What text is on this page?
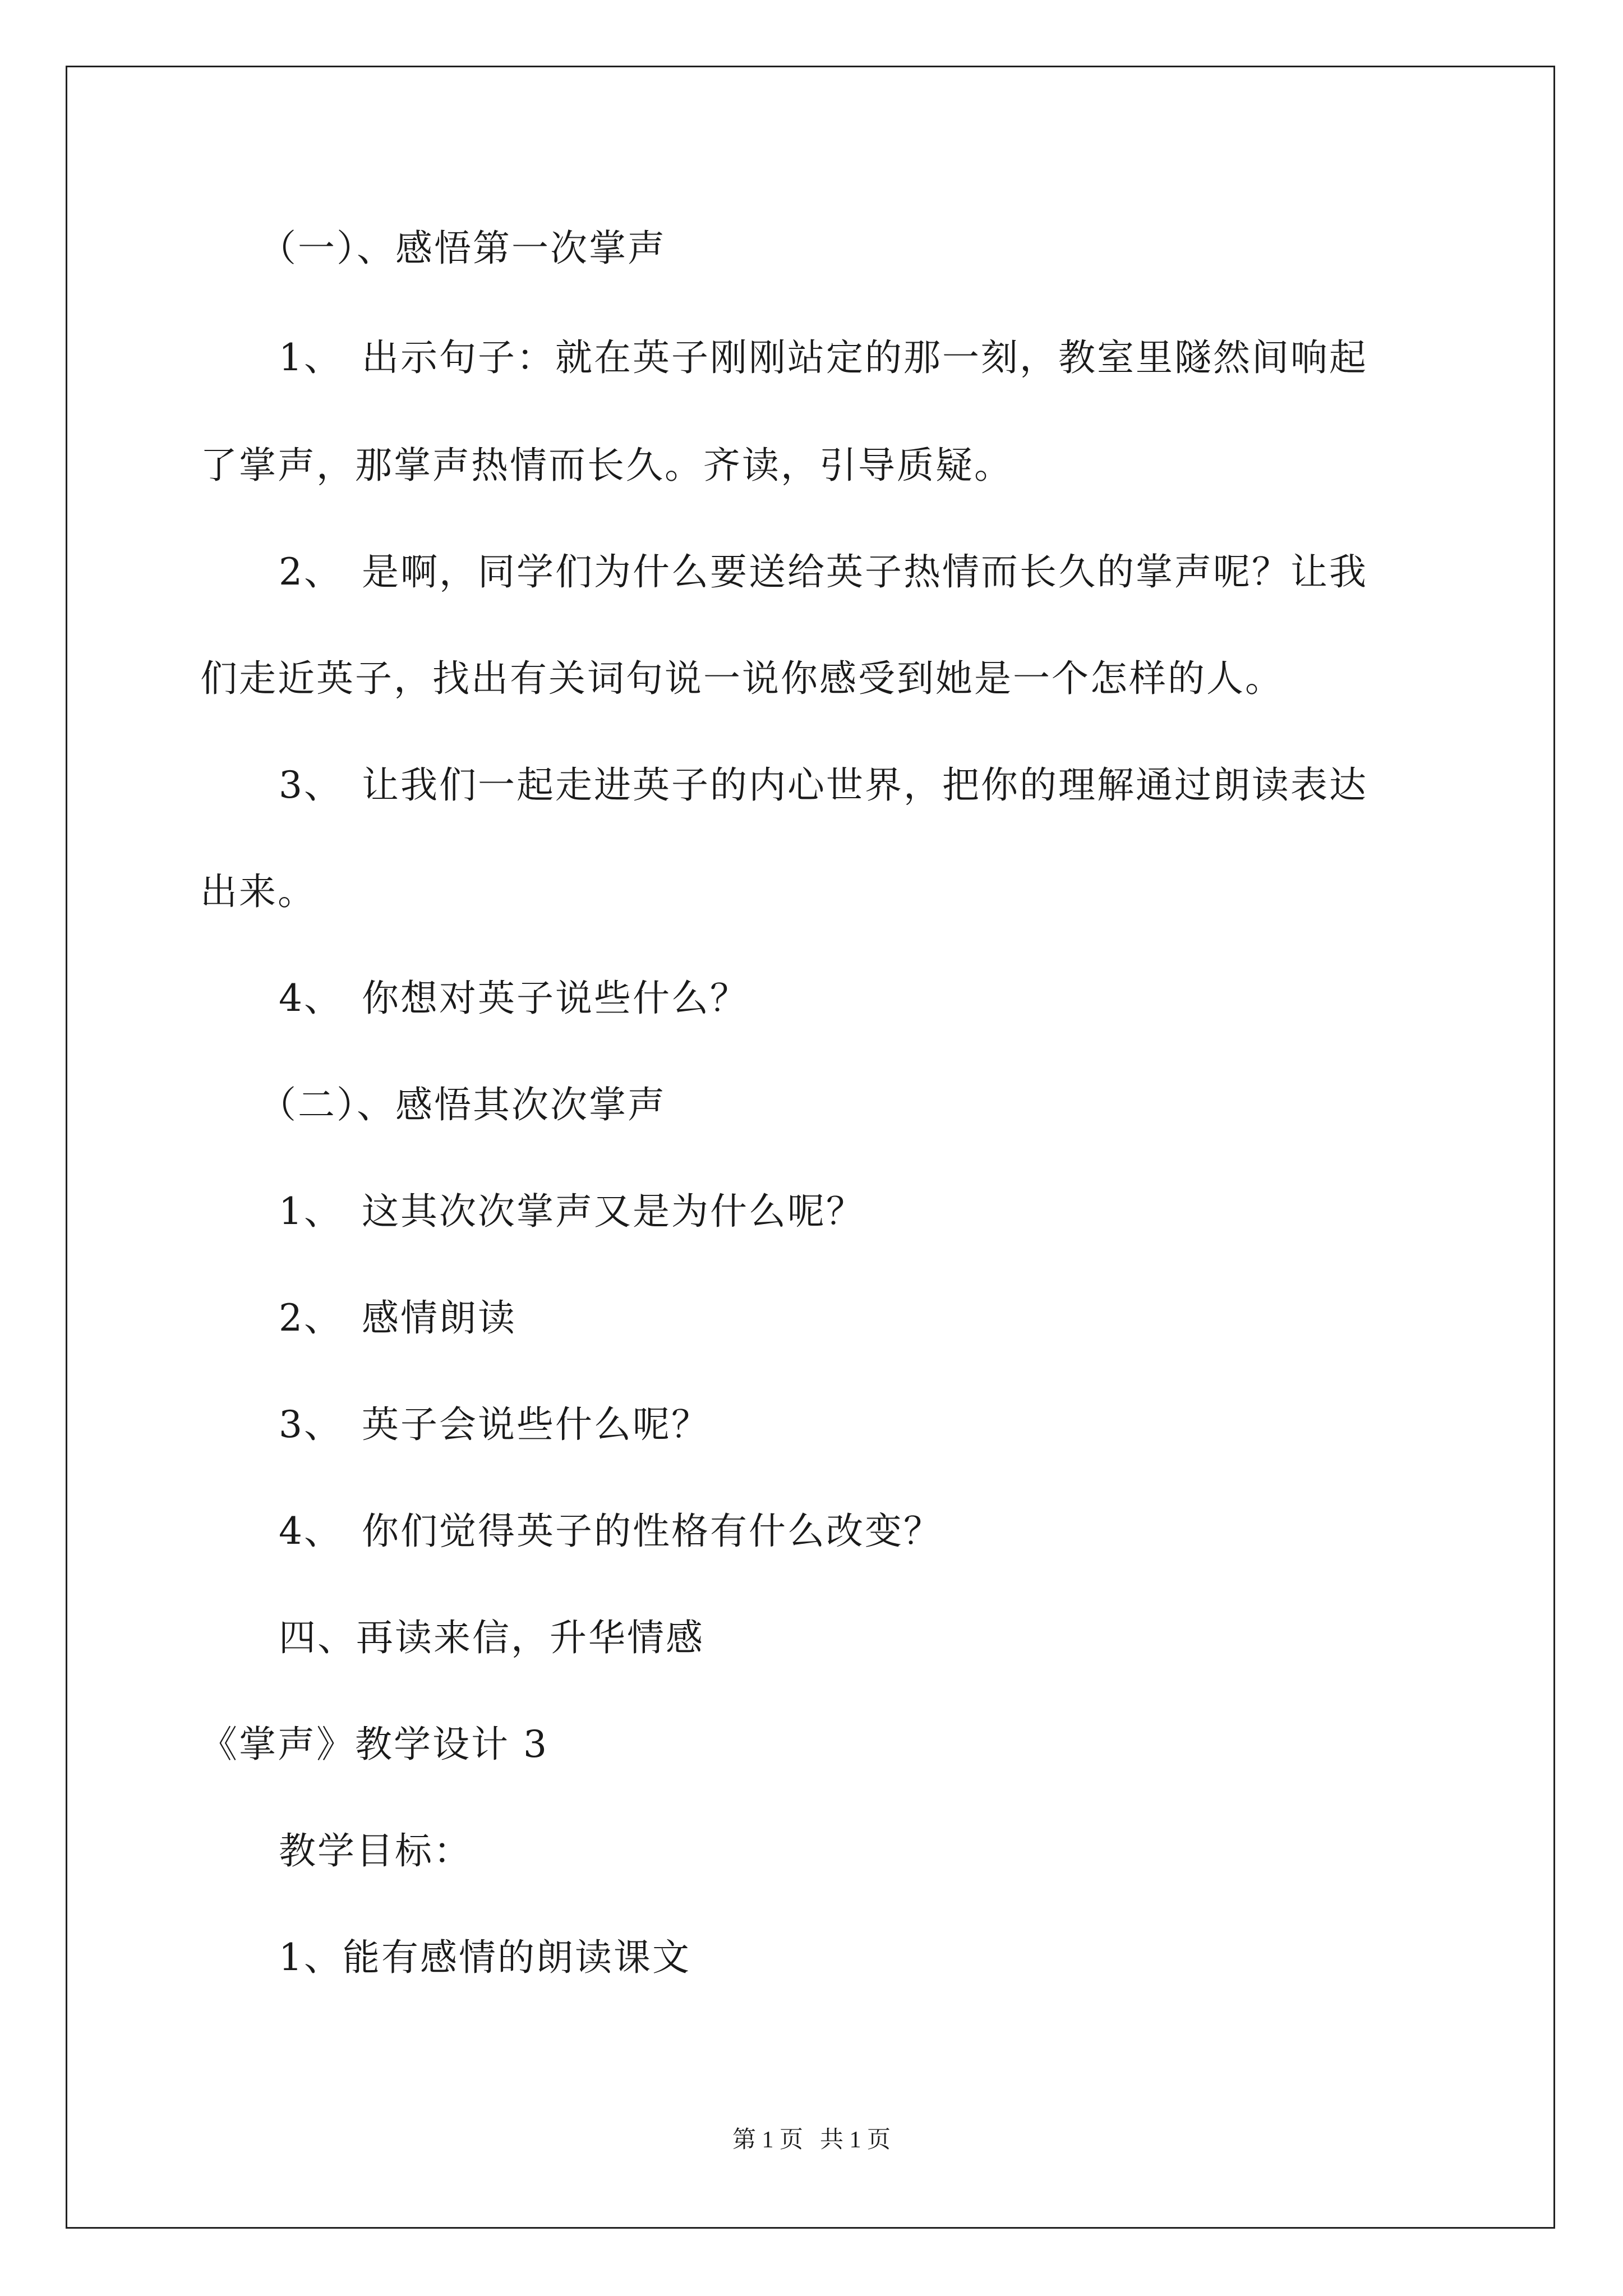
（一）、感悟第一次掌声
1、 出示句子：就在英子刚刚站定的那一刻，教室里隧然间响起
了掌声，那掌声热情而长久。齐读，引导质疑。
2、 是啊，同学们为什么要送给英子热情而长久的掌声呢？让我
们走近英子，找出有关词句说一说你感受到她是一个怎样的人。
3、 让我们一起走进英子的内心世界，把你的理解通过朗读表达
出来。
4、 你想对英子说些什么？
（二）、感悟其次次掌声
1、 这其次次掌声又是为什么呢？
2、 感情朗读
3、 英子会说些什么呢？
4、 你们觉得英子的性格有什么改变？
四、再读来信，升华情感
《掌声》教学设计 3
教学目标：
1、能有感情的朗读课文
第 1 页 共 1 页
